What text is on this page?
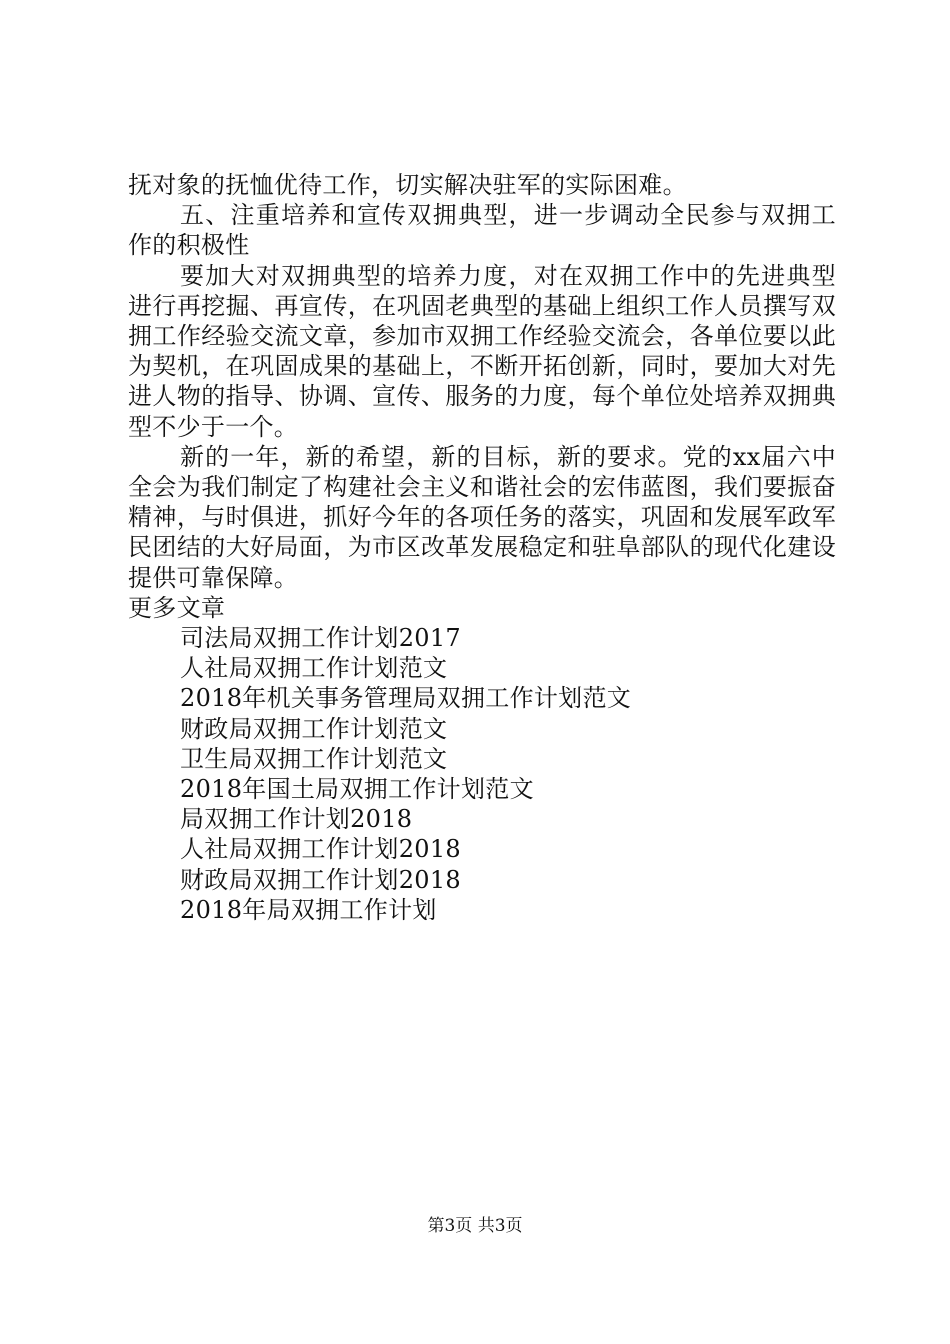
抚对象的抚恤优待工作，切实解决驻军的实际困难。

五、注重培养和宣传双拥典型，进一步调动全民参与双拥工作的积极性

要加大对双拥典型的培养力度，对在双拥工作中的先进典型进行再挖掘、再宣传，在巩固老典型的基础上组织工作人员撰写双拥工作经验交流文章，参加市双拥工作经验交流会，各单位要以此为契机，在巩固成果的基础上，不断开拓创新，同时，要加大对先进人物的指导、协调、宣传、服务的力度，每个单位处培养双拥典型不少于一个。

新的一年，新的希望，新的目标，新的要求。党的xx届六中全会为我们制定了构建社会主义和谐社会的宏伟蓝图，我们要振奋精神，与时俱进，抓好今年的各项任务的落实，巩固和发展军政军民团结的大好局面，为市区改革发展稳定和驻阜部队的现代化建设提供可靠保障。

更多文章

司法局双拥工作计划2017
人社局双拥工作计划范文
2018年机关事务管理局双拥工作计划范文
财政局双拥工作计划范文
卫生局双拥工作计划范文
2018年国土局双拥工作计划范文
局双拥工作计划2018
人社局双拥工作计划2018
财政局双拥工作计划2018
2018年局双拥工作计划
第3页 共3页
